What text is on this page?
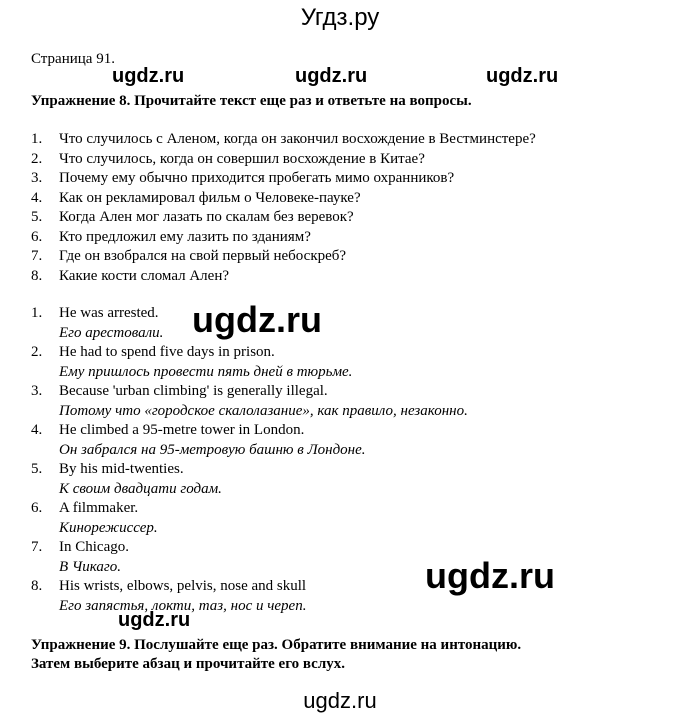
Угдз.ру
Страница 91.
ugdz.ru	ugdz.ru	ugdz.ru

Упражнение 8. Прочитайте текст еще раз и ответьте на вопросы.

1. Что случилось с Аленом, когда он закончил восхождение в Вестминстере?
2. Что случилось, когда он совершил восхождение в Китае?
3. Почему ему обычно приходится пробегать мимо охранников?
4. Как он рекламировал фильм о Человеке-пауке?
5. Когда Ален мог лазать по скалам без веревок?
6. Кто предложил ему лазить по зданиям?
7. Где он взобрался на свой первый небоскреб?
8. Какие кости сломал Ален?
1. He was arrested.
Его арестовали.
2. He had to spend five days in prison.
Ему пришлось провести пять дней в тюрьме.
3. Because 'urban climbing' is generally illegal.
Потому что «городское скалолазание», как правило, незаконно.
4. He climbed a 95-metre tower in London.
Он забрался на 95-метровую башню в Лондоне.
5. By his mid-twenties.
К своим двадцати годам.
6. A filmmaker.
Кинорежиссер.
7. In Chicago.
В Чикаго.
8. His wrists, elbows, pelvis, nose and skull
Его запястья, локти, таз, нос и череп.
ugdz.ru
ugdz.ru
ugdz.ru

Упражнение 9. Послушайте еще раз. Обратите внимание на интонацию.

Затем выберите абзац и прочитайте его вслух.

ugdz.ru
